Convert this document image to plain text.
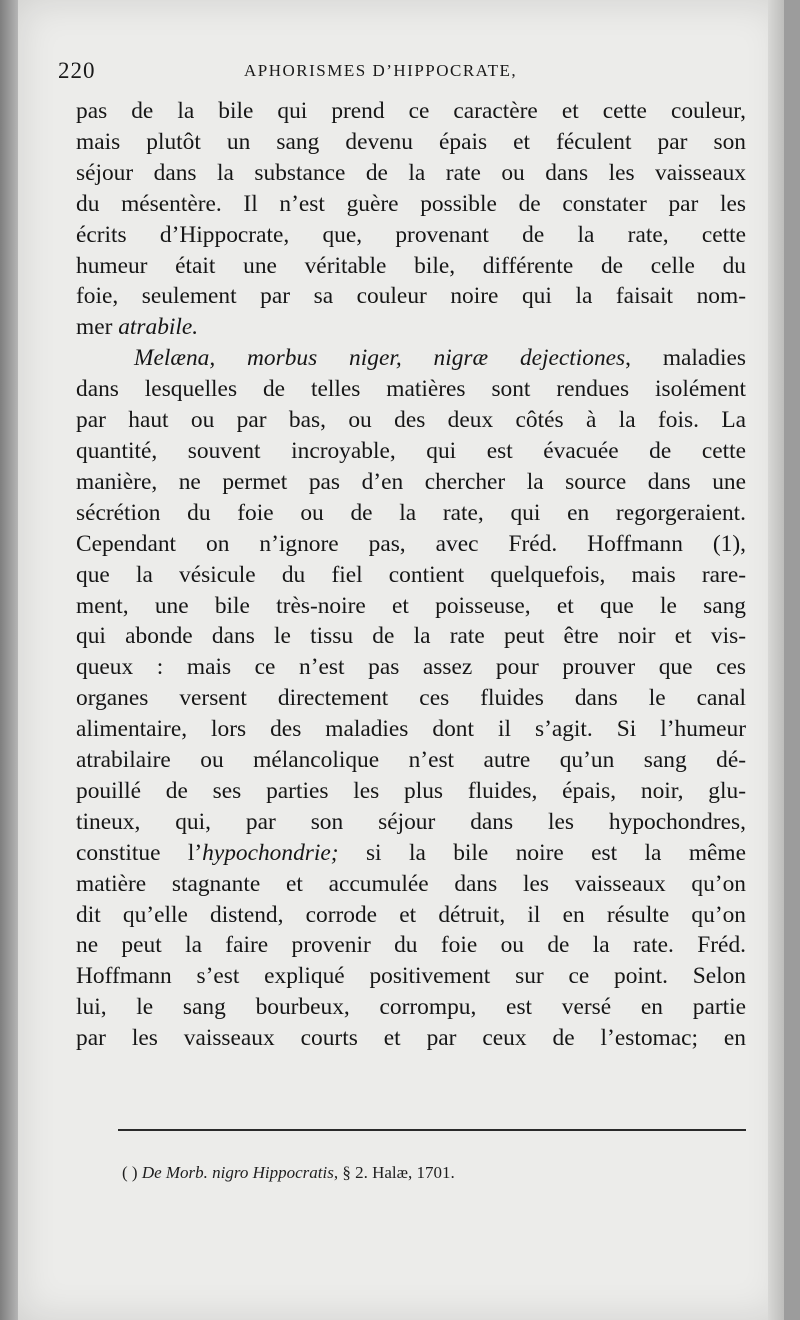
220	APHORISMES D’HIPPOCRATE,
pas de la bile qui prend ce caractère et cette couleur,
mais plutôt un sang devenu épais et féculent par son
séjour dans la substance de la rate ou dans les vaisseaux
du mésentère. Il n’est guère possible de constater par les
écrits d’Hippocrate, que, provenant de la rate, cette
humeur était une véritable bile, différente de celle du
foie, seulement par sa couleur noire qui la faisait nom-
mer atrabile.
Melæna, morbus niger, nigræ dejectiones, maladies
dans lesquelles de telles matières sont rendues isolément
par haut ou par bas, ou des deux côtés à la fois. La
quantité, souvent incroyable, qui est évacuée de cette
manière, ne permet pas d’en chercher la source dans une
sécrétion du foie ou de la rate, qui en regorgeraient.
Cependant on n’ignore pas, avec Fréd. Hoffmann (1),
que la vésicule du fiel contient quelquefois, mais rare-
ment, une bile très-noire et poisseuse, et que le sang
qui abonde dans le tissu de la rate peut être noir et vis-
queux : mais ce n’est pas assez pour prouver que ces
organes versent directement ces fluides dans le canal
alimentaire, lors des maladies dont il s’agit. Si l’humeur
atrabilaire ou mélancolique n’est autre qu’un sang dé-
pouillé de ses parties les plus fluides, épais, noir, glu-
tineux, qui, par son séjour dans les hypochondres,
constitue l’hypochondrie; si la bile noire est la même
matière stagnante et accumulée dans les vaisseaux qu’on
dit qu’elle distend, corrode et détruit, il en résulte qu’on
ne peut la faire provenir du foie ou de la rate. Fréd.
Hoffmann s’est expliqué positivement sur ce point. Selon
lui, le sang bourbeux, corrompu, est versé en partie
par les vaisseaux courts et par ceux de l’estomac; en
( ) De Morb. nigro Hippocratis, § 2. Halæ, 1701.
